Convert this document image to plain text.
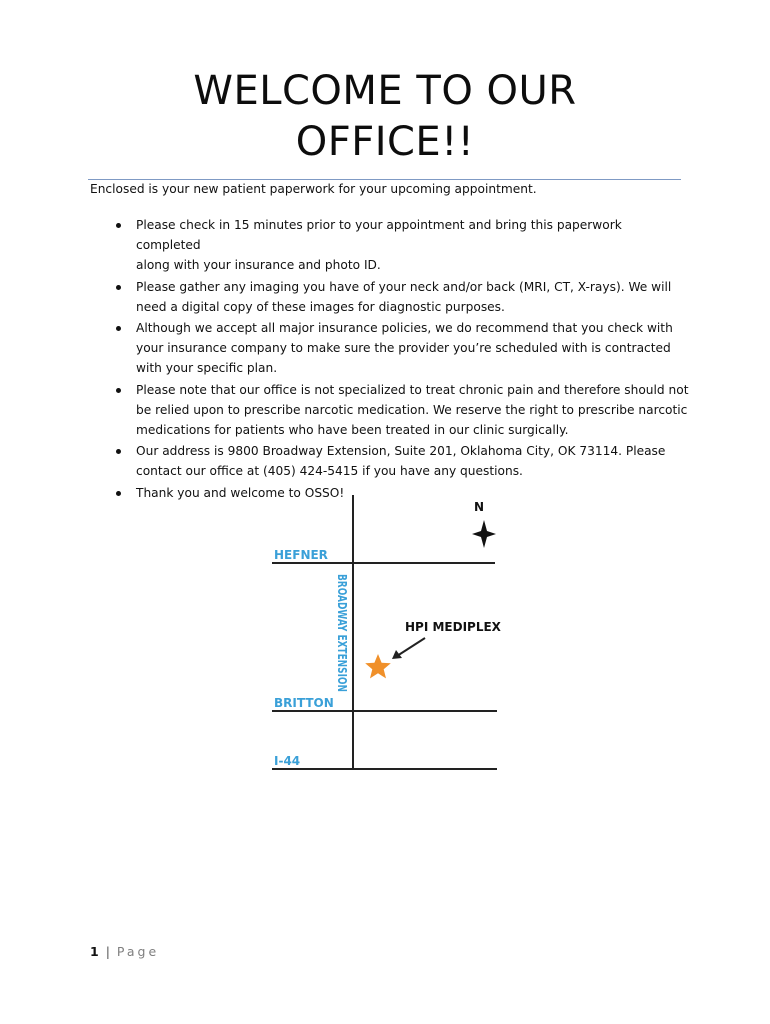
WELCOME TO OUR
OFFICE!!

Enclosed is your new patient paperwork for your upcoming appointment.

Please check in 15 minutes prior to your appointment and bring this paperwork completed
along with your insurance and photo ID.
Please gather any imaging you have of your neck and/or back (MRI, CT, X-rays). We will
need a digital copy of these images for diagnostic purposes.
Although we accept all major insurance policies, we do recommend that you check with
your insurance company to make sure the provider you’re scheduled with is contracted
with your specific plan.
Please note that our office is not specialized to treat chronic pain and therefore should not
be relied upon to prescribe narcotic medication. We reserve the right to prescribe narcotic
medications for patients who have been treated in our clinic surgically.
Our address is 9800 Broadway Extension, Suite 201, Oklahoma City, OK 73114. Please
contact our office at (405) 424-5415 if you have any questions.
Thank you and welcome to OSSO!
HEFNER
BRITTON
I-44
BROADWAY EXTENSION
N
HPI MEDIPLEX
1 | Page
